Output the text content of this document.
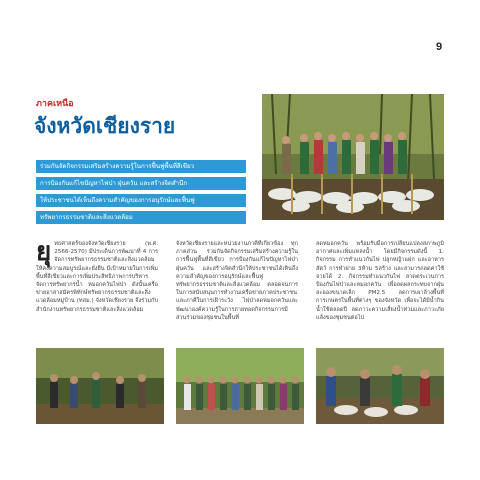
9
ภาคเหนือ
จังหวัดเชียงราย
ร่วมกันจัดกิจกรรมเสริมสร้างความรู้ในการฟื้นฟูพื้นที่สีเขียว
การป้องกันแก้ไขปัญหาไฟป่า ฝุ่นควัน และสร้างจิตสำนึก
ให้ประชาชนได้เห็นถึงความสำคัญของการอนุรักษ์และฟื้นฟู
ทรัพยากรธรรมชาติและสิ่งแวดล้อม
ยุ ทธศาสตร์ของจังหวัดเชียงราย (พ.ศ. 2566-2570) มีประเด็นการพัฒนาที่ 4 การจัดการทรัพยากรธรรมชาติและสิ่งแวดล้อมให้คงความสมบูรณ์และยั่งยืน มีเป้าหมายในการเพิ่มพื้นที่สีเขียวและการเพิ่มประสิทธิภาพการบริหารจัดการทรัพยากรน้ำ หมอกควันไฟป่า ดังนั้นเครือข่ายอาสาสมัครพิทักษ์ทรัพยากรธรรมชาติและสิ่งแวดล้อมหมู่บ้าน (ทสม.) จังหวัดเชียงราย จึงร่วมกับสำนักงานทรัพยากรธรรมชาติและสิ่งแวดล้อม
จังหวัดเชียงรายและหน่วยงานภาคีที่เกี่ยวข้อง ทุกภาคส่วน ร่วมกันจัดกิจกรรมเสริมสร้างความรู้ในการฟื้นฟูพื้นที่สีเขียว การป้องกันแก้ไขปัญหาไฟป่า ฝุ่นควัน และสร้างจิตสำนึกให้ประชาชนได้เห็นถึงความสำคัญของการอนุรักษ์และฟื้นฟูทรัพยากรธรรมชาติและสิ่งแวดล้อม ตลอดจนการในการสนับสนุนการทำงานเครือข่ายภาคประชาชนและภาคีในการเฝ้าระวัง ไฟป่าลดหมอกควันและพัฒนาองค์ความรู้ในการถ่ายทอดกิจกรรมการมีส่วนร่วมของชุมชนในพื้นที่
ลดหมอกควัน พร้อมรับมือการเปลี่ยนแปลงสภาพภูมิอากาศและเพิ่มแหล่งน้ำ โดยมีกิจกรรมดังนี้ 1. กิจกรรม การทำแนวกันไฟ ปลูกหญ้าแฝก และอาหารสัตว์ การทำฝาย 3ห้าม 5สร้าง และสามารถลดค่าใช้จ่ายได้ 2. กิจกรรมทำแนวกันไฟ ลาดตระเวนการป้องกันไฟป่าและหมอกควัน เพื่อลดผลกระทบจากฝุ่นละอองขนาดเล็ก PM2.5 ลดการเผาล้างพื้นที่การเกษตรในพื้นที่ต่างๆ ของจังหวัด เพื่อจะได้มีน้ำกินน้ำใช้ตลอดปี ลดภาวะความเสี่ยงน้ำท่วมและภาวะภัยแล้งของชุมชนต่อไป
